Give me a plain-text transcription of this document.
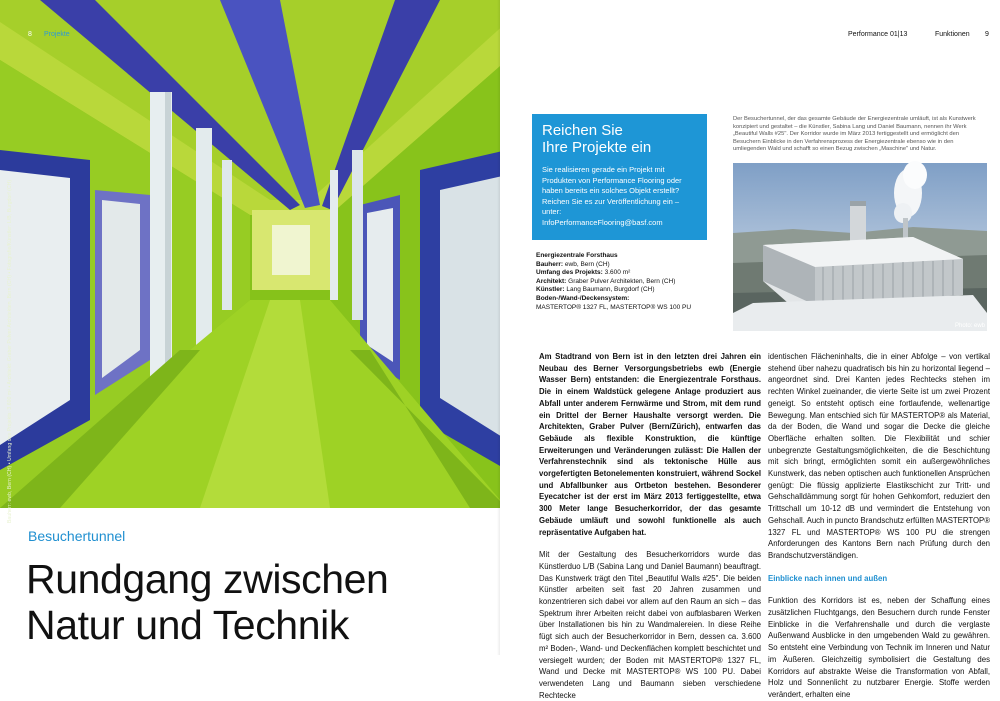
Bauherr: ewb, Bern (CH) • Umfang des Projekts: 3.600 m² • Architekt: Graber Pulver Architekten, Bern (CH) • Fotografie/Künstler: L/B, Burgdorf (CH)
8 Projekte
Besuchertunnel
Rundgang zwischen
Natur und Technik
Performance 01|13	Funktionen 9
Reichen Sie
Ihre Projekte ein
Sie realisieren gerade ein Projekt mit Produkten von Performance Flooring oder haben bereits ein solches Objekt erstellt? Reichen Sie es zur Veröffentlichung ein – unter:
InfoPerformanceFlooring@basf.com
Energiezentrale Forsthaus
Bauherr: ewb, Bern (CH)
Umfang des Projekts: 3.600 m²
Architekt: Graber Pulver Architekten, Bern (CH)
Künstler: Lang Baumann, Burgdorf (CH)
Boden-/Wand-/Deckensystem:
MASTERTOP® 1327 FL, MASTERTOP® WS 100 PU
Der Besuchertunnel, der das gesamte Gebäude der Energiezentrale umläuft, ist als Kunstwerk konzipiert und gestaltet – die Künstler, Sabina Lang und Daniel Baumann, nennen ihr Werk „Beautiful Walls #25". Der Korridor wurde im März 2013 fertiggestellt und ermöglicht den Besuchern Einblicke in den Verfahrensprozess der Energiezentrale ebenso wie in den umliegenden Wald und schafft so einen Bezug zwischen „Maschine" und Natur.
Photo: ewb

Am Stadtrand von Bern ist in den letzten drei Jahren ein Neubau des Berner Versorgungsbetriebs ewb (Energie Wasser Bern) entstanden: die Energiezentrale Forsthaus. Die in einem Waldstück gelegene Anlage produziert aus Abfall unter anderem Fernwärme und Strom, mit dem rund ein Drittel der Berner Haushalte versorgt werden. Die Architekten, Graber Pulver (Bern/Zürich), entwarfen das Gebäude als flexible Konstruktion, die künftige Erweiterungen und Veränderungen zulässt: Die Hallen der Verfahrenstechnik sind als tektonische Hülle aus vorgefertigten Betonelementen konstruiert, während Sockel und Abfallbunker aus Ortbeton bestehen. Besonderer Eyecatcher ist der erst im März 2013 fertiggestellte, etwa 300 Meter lange Besucherkorridor, der das gesamte Gebäude umläuft und sowohl funktionelle als auch repräsentative Aufgaben hat.

Mit der Gestaltung des Besucherkorridors wurde das Künstlerduo L/B (Sabina Lang und Daniel Baumann) beauftragt. Das Kunstwerk trägt den Titel „Beautiful Walls #25". Die beiden Künstler arbeiten seit fast 20 Jahren zusammen und konzentrieren sich dabei vor allem auf den Raum an sich – das Spektrum ihrer Arbeiten reicht dabei von aufblasbaren Werken über Installationen bis hin zu Wandmalereien. In diese Reihe fügt sich auch der Besucherkorridor in Bern, dessen ca. 3.600 m² Boden-, Wand- und Deckenflächen komplett beschichtet und versiegelt wurden; der Boden mit MASTERTOP® 1327 FL, Wand und Decke mit MASTERTOP® WS 100 PU. Dabei verwendeten Lang und Baumann sieben verschiedene Rechtecke

identischen Flächeninhalts, die in einer Abfolge – von vertikal stehend über nahezu quadratisch bis hin zu horizontal liegend – angeordnet sind. Drei Kanten jedes Rechtecks stehen im rechten Winkel zueinander, die vierte Seite ist um zwei Prozent geneigt. So entsteht optisch eine fortlaufende, wellenartige Bewegung. Man entschied sich für MASTERTOP® als Material, da der Boden, die Wand und sogar die Decke die gleiche Oberfläche erhalten sollten. Die Flexibilität und schier unbegrenzte Gestaltungsmöglichkeiten, die die Beschichtung mit sich bringt, ermöglichten somit ein außergewöhnliches Kunstwerk, das neben optischen auch funktionellen Ansprüchen genügt: Die flüssig applizierte Elastikschicht zur Tritt- und Gehschalldämmung sorgt für hohen Gehkomfort, reduziert den Trittschall um 10-12 dB und vermindert die Entstehung von Gehschall. Auch in puncto Brandschutz erfüllten MASTERTOP® 1327 FL und MASTERTOP® WS 100 PU die strengen Anforderungen des Kantons Bern nach Prüfung durch den Brandschutzverständigen.

Einblicke nach innen und außen

Funktion des Korridors ist es, neben der Schaffung eines zusätzlichen Fluchtgangs, den Besuchern durch runde Fenster Einblicke in die Verfahrenshalle und durch die verglaste Außenwand Ausblicke in den umgebenden Wald zu gewähren. So entsteht eine Verbindung von Technik im Inneren und Natur im Äußeren. Gleichzeitig symbolisiert die Gestaltung des Korridors auf abstrakte Weise die Transformation von Abfall, Holz und Sonnenlicht zu nutzbarer Energie. Stoffe werden verändert, erhalten eine
